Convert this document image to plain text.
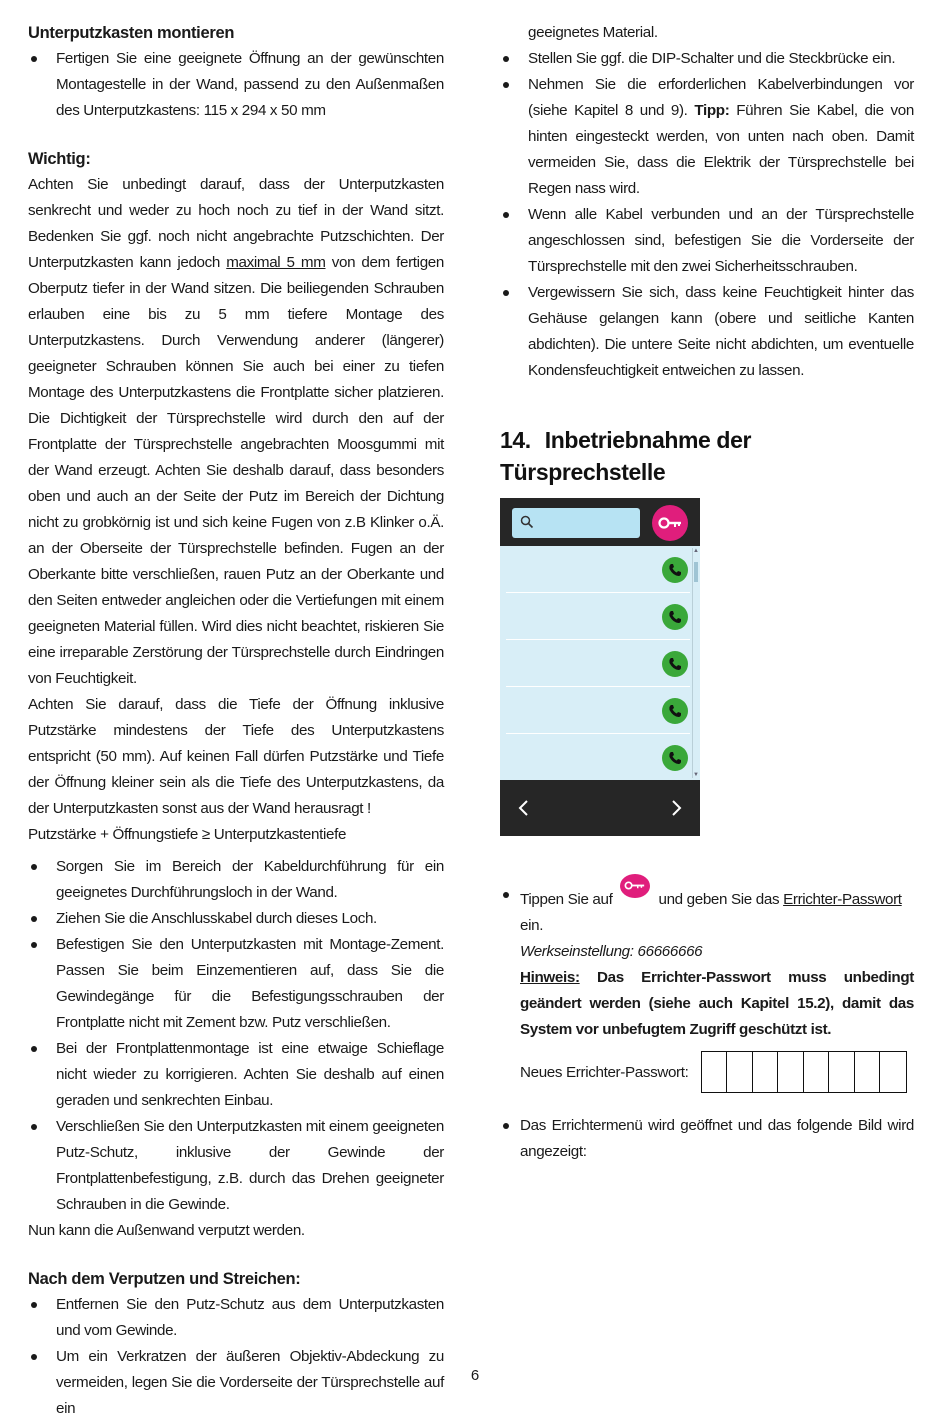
Unterputzkasten montieren

Fertigen Sie eine geeignete Öffnung an der gewünschten Montagestelle in der Wand, passend zu den Außenmaßen des Unterputzkastens: 115 x 294 x 50 mm

Wichtig:

Achten Sie unbedingt darauf, dass der Unterputzkasten senkrecht und weder zu hoch noch zu tief in der Wand sitzt. Bedenken Sie ggf. noch nicht angebrachte Putzschichten. Der Unterputzkasten kann jedoch maximal 5 mm von dem fertigen Oberputz tiefer in der Wand sitzen. Die beiliegenden Schrauben erlauben eine bis zu 5 mm tiefere Montage des Unterputzkastens. Durch Verwendung anderer (längerer) geeigneter Schrauben können Sie auch bei einer zu tiefen Montage des Unterputzkastens die Frontplatte sicher platzieren. Die Dichtigkeit der Türsprechstelle wird durch den auf der Frontplatte der Türsprechstelle angebrachten Moosgummi mit der Wand erzeugt. Achten Sie deshalb darauf, dass besonders oben und auch an der Seite der Putz im Bereich der Dichtung nicht zu grobkörnig ist und sich keine Fugen von z.B Klinker o.Ä. an der Oberseite der Türsprechstelle befinden. Fugen an der Oberkante bitte verschließen, rauen Putz an der Oberkante und den Seiten entweder angleichen oder die Vertiefungen mit einem geeigneten Material füllen. Wird dies nicht beachtet, riskieren Sie eine irreparable Zerstörung der Türsprechstelle durch Eindringen von Feuchtigkeit.

Achten Sie darauf, dass die Tiefe der Öffnung inklusive Putzstärke mindestens der Tiefe des Unterputzkastens entspricht (50 mm). Auf keinen Fall dürfen Putzstärke und Tiefe der Öffnung kleiner sein als die Tiefe des Unterputzkastens, da der Unterputzkasten sonst aus der Wand herausragt !

Putzstärke + Öffnungstiefe ≥ Unterputzkastentiefe

Sorgen Sie im Bereich der Kabeldurchführung für ein geeignetes Durchführungsloch in der Wand.

Ziehen Sie die Anschlusskabel durch dieses Loch.

Befestigen Sie den Unterputzkasten mit Montage-Zement. Passen Sie beim Einzementieren auf, dass Sie die Gewindegänge für die Befestigungsschrauben der Frontplatte nicht mit Zement bzw. Putz verschließen.

Bei der Frontplattenmontage ist eine etwaige Schieflage nicht wieder zu korrigieren. Achten Sie deshalb auf einen geraden und senkrechten Einbau.

Verschließen Sie den Unterputzkasten mit einem geeigneten Putz-Schutz, inklusive der Gewinde der Frontplattenbefestigung, z.B. durch das Drehen geeigneter Schrauben in die Gewinde.

Nun kann die Außenwand verputzt werden.

Nach dem Verputzen und Streichen:

Entfernen Sie den Putz-Schutz aus dem Unterputzkasten und vom Gewinde.

Um ein Verkratzen der äußeren Objektiv-Abdeckung zu vermeiden, legen Sie die Vorderseite der Türsprechstelle auf ein

geeignetes Material.

Stellen Sie ggf. die DIP-Schalter und die Steckbrücke ein.

Nehmen Sie die erforderlichen Kabelverbindungen vor (siehe Kapitel 8 und 9). Tipp: Führen Sie Kabel, die von hinten eingesteckt werden, von unten nach oben. Damit vermeiden Sie, dass die Elektrik der Türsprechstelle bei Regen nass wird.

Wenn alle Kabel verbunden und an der Türsprechstelle angeschlossen sind, befestigen Sie die Vorderseite der Türsprechstelle mit den zwei Sicherheitsschrauben.

Vergewissern Sie sich, dass keine Feuchtigkeit hinter das Gehäuse gelangen kann (obere und seitliche Kanten abdichten). Die untere Seite nicht abdichten, um eventuelle Kondensfeuchtigkeit entweichen zu lassen.

14. Inbetriebnahme der Türsprechstelle
▲
▼

Tippen Sie auf	und geben Sie das Errichter-Passwort ein.

Werkseinstellung: 66666666

Hinweis: Das Errichter-Passwort muss unbedingt geändert werden (siehe auch Kapitel 15.2), damit das System vor unbefugtem Zugriff geschützt ist.

Neues Errichter-Passwort:

Das Errichtermenü wird geöffnet und das folgende Bild wird angezeigt:

6
